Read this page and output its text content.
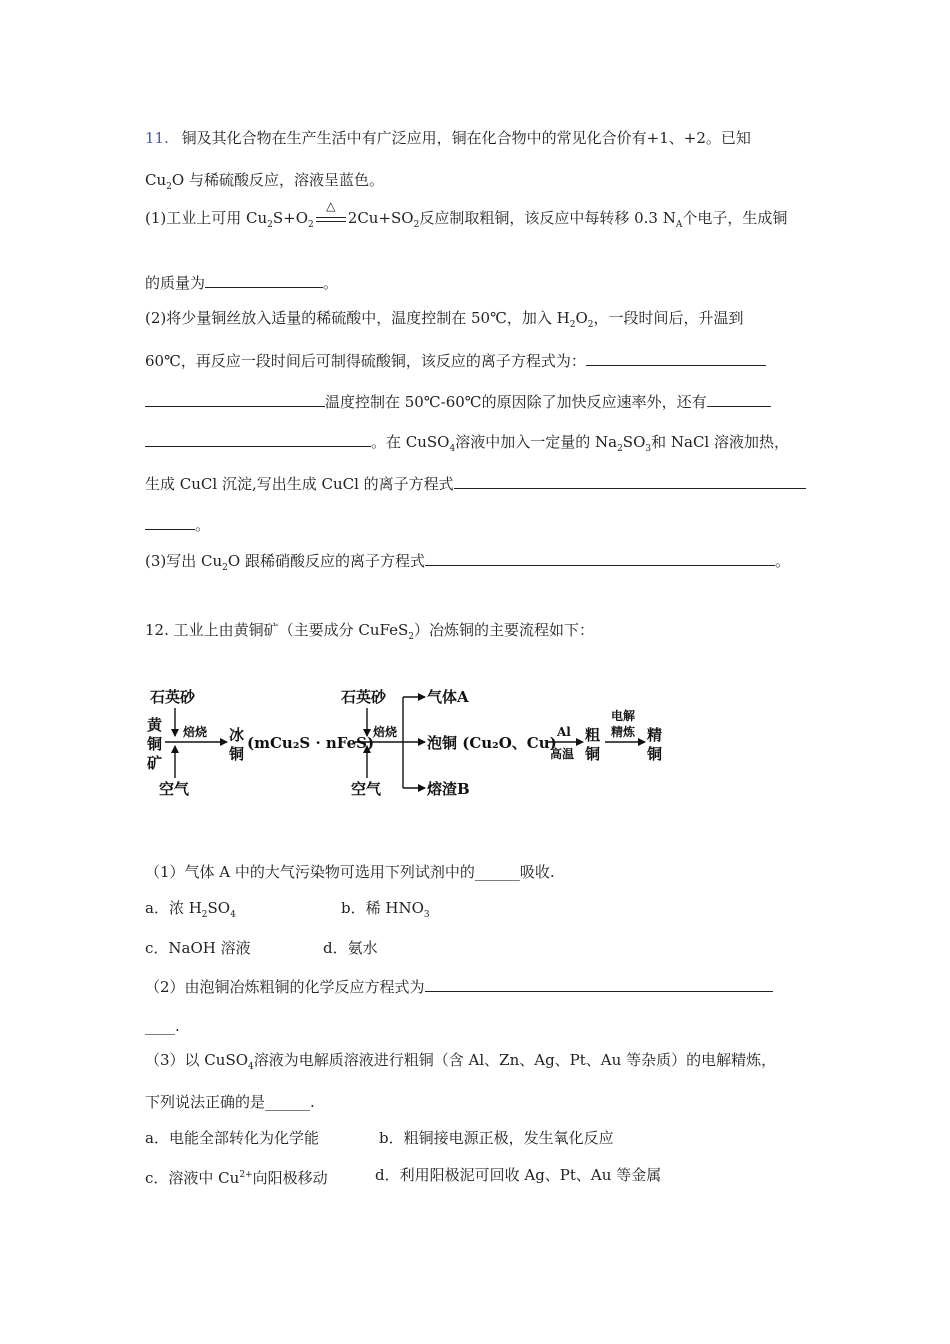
11. 铜及其化合物在生产生活中有广泛应用，铜在化合物中的常见化合价有+1、+2。已知
$Cu_2O$ 与稀硫酸反应，溶液呈蓝色。
(1)工业上可用 $Cu_2S+O_2$
△
$2Cu+SO_2$反应制取粗铜，该反应中每转移 0.3 $N_A$个电子，生成铜
的质量为	。
(2)将少量铜丝放入适量的稀硫酸中，温度控制在 50℃，加入 $H_2O_2$，一段时间后，升温到
60℃，再反应一段时间后可制得硫酸铜，该反应的离子方程式为：
温度控制在 50℃-60℃的原因除了加快反应速率外，还有
。在 CuSO$_4$溶液中加入一定量的 $Na_2SO_3$和 NaCl 溶液加热，
生成 CuCl 沉淀,写出生成 CuCl 的离子方程式
。
(3)写出 $Cu_2O$ 跟稀硝酸反应的离子方程式	。
12. 工业上由黄铜矿（主要成分 CuFeS$_2$）冶炼铜的主要流程如下：
石英砂
黄
铜
矿
焙烧
空气
冰
铜
(mCu₂S · nFeS)
石英砂
焙烧
空气
气体A
泡铜 (Cu₂O、Cu)
熔渣B
Al
高温
粗
铜
电解
精炼 精
铜
（1）气体 A 中的大气污染物可选用下列试剂中的______吸收.
a．浓 $H_2SO_4$	b．稀 $HNO_3$
c．NaOH 溶液	d．氨水
（2）由泡铜冶炼粗铜的化学反应方程式为
____.
（3）以 CuSO$_4$溶液为电解质溶液进行粗铜（含 Al、Zn、Ag、Pt、Au 等杂质）的电解精炼，
下列说法正确的是______.
a．电能全部转化为化学能	b．粗铜接电源正极，发生氧化反应
c．溶液中 $Cu^{2+}$向阳极移动	d．利用阳极泥可回收 Ag、Pt、Au 等金属
